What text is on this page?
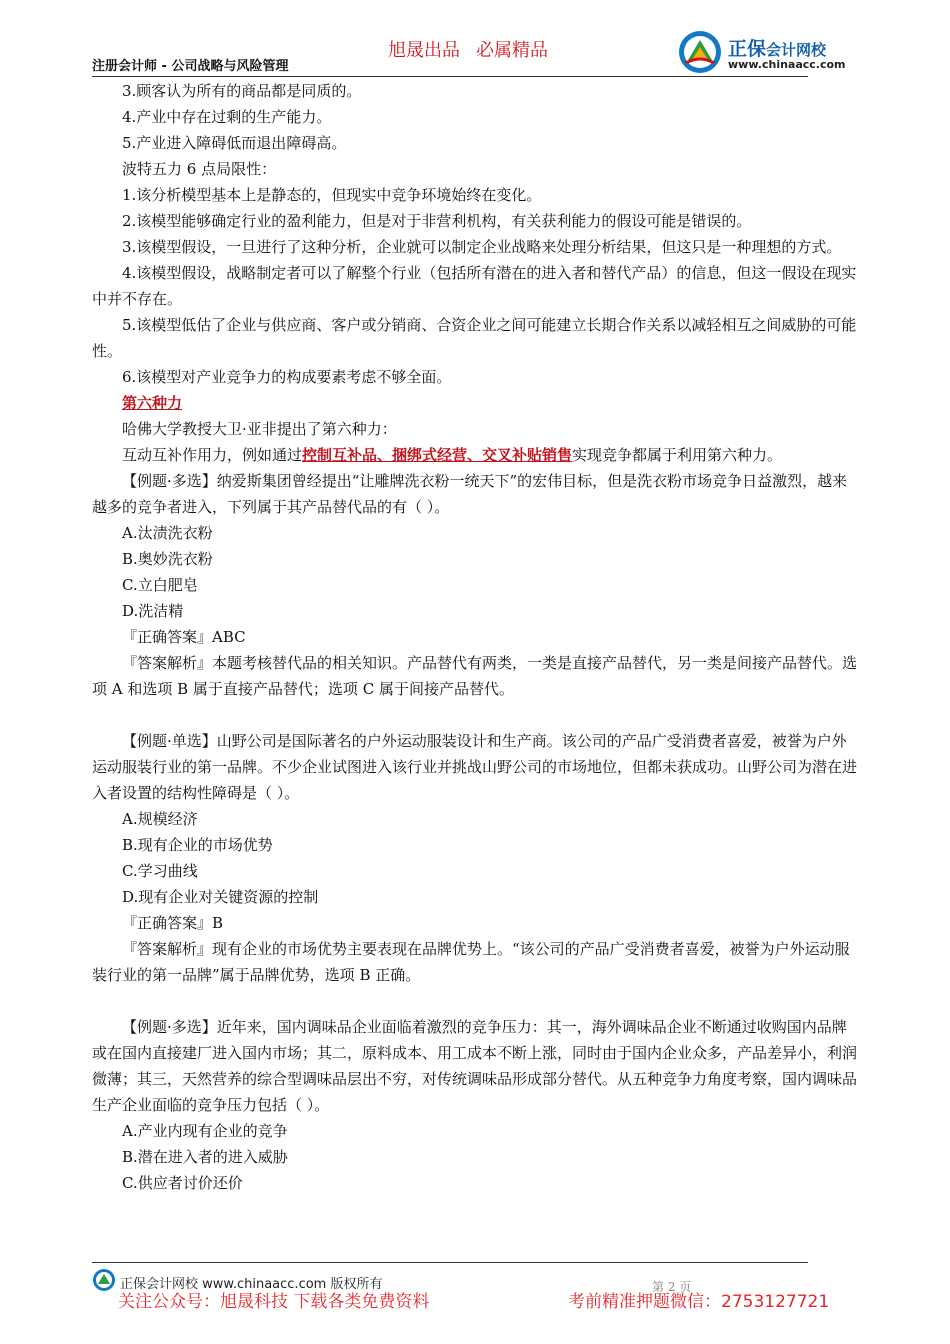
注册会计师 - 公司战略与风险管理
旭晟出品 必属精品	正保会计网校
www.chinaacc.com

3.顾客认为所有的商品都是同质的。

4.产业中存在过剩的生产能力。

5.产业进入障碍低而退出障碍高。

波特五力 6 点局限性：

1.该分析模型基本上是静态的，但现实中竞争环境始终在变化。

2.该模型能够确定行业的盈利能力，但是对于非营利机构，有关获利能力的假设可能是错误的。

3.该模型假设，一旦进行了这种分析，企业就可以制定企业战略来处理分析结果，但这只是一种理想的方式。

4.该模型假设，战略制定者可以了解整个行业（包括所有潜在的进入者和替代产品）的信息，但这一假设在现实中并不存在。

5.该模型低估了企业与供应商、客户或分销商、合资企业之间可能建立长期合作关系以减轻相互之间威胁的可能性。

6.该模型对产业竞争力的构成要素考虑不够全面。

第六种力

哈佛大学教授大卫·亚非提出了第六种力：

互动互补作用力，例如通过控制互补品、捆绑式经营、交叉补贴销售实现竞争都属于利用第六种力。

【例题·多选】纳爱斯集团曾经提出“让雕牌洗衣粉一统天下”的宏伟目标，但是洗衣粉市场竞争日益激烈，越来越多的竞争者进入，下列属于其产品替代品的有（ ）。

A.汰渍洗衣粉

B.奥妙洗衣粉

C.立白肥皂

D.洗洁精

『正确答案』ABC

『答案解析』本题考核替代品的相关知识。产品替代有两类，一类是直接产品替代，另一类是间接产品替代。选项 A 和选项 B 属于直接产品替代；选项 C 属于间接产品替代。

【例题·单选】山野公司是国际著名的户外运动服装设计和生产商。该公司的产品广受消费者喜爱，被誉为户外运动服装行业的第一品牌。不少企业试图进入该行业并挑战山野公司的市场地位，但都未获成功。山野公司为潜在进入者设置的结构性障碍是（ ）。

A.规模经济

B.现有企业的市场优势

C.学习曲线

D.现有企业对关键资源的控制

『正确答案』B

『答案解析』现有企业的市场优势主要表现在品牌优势上。“该公司的产品广受消费者喜爱，被誉为户外运动服装行业的第一品牌”属于品牌优势，选项 B 正确。

【例题·多选】近年来，国内调味品企业面临着激烈的竞争压力：其一，海外调味品企业不断通过收购国内品牌或在国内直接建厂进入国内市场；其二，原料成本、用工成本不断上涨，同时由于国内企业众多，产品差异小，利润微薄；其三，天然营养的综合型调味品层出不穷，对传统调味品形成部分替代。从五种竞争力角度考察，国内调味品生产企业面临的竞争压力包括（ ）。

A.产业内现有企业的竞争

B.潜在进入者的进入威胁

C.供应者讨价还价

正保会计网校 www.chinaacc.com 版权所有	第 2 页
关注公众号：旭晟科技 下载各类免费资料	考前精准押题微信：2753127721
